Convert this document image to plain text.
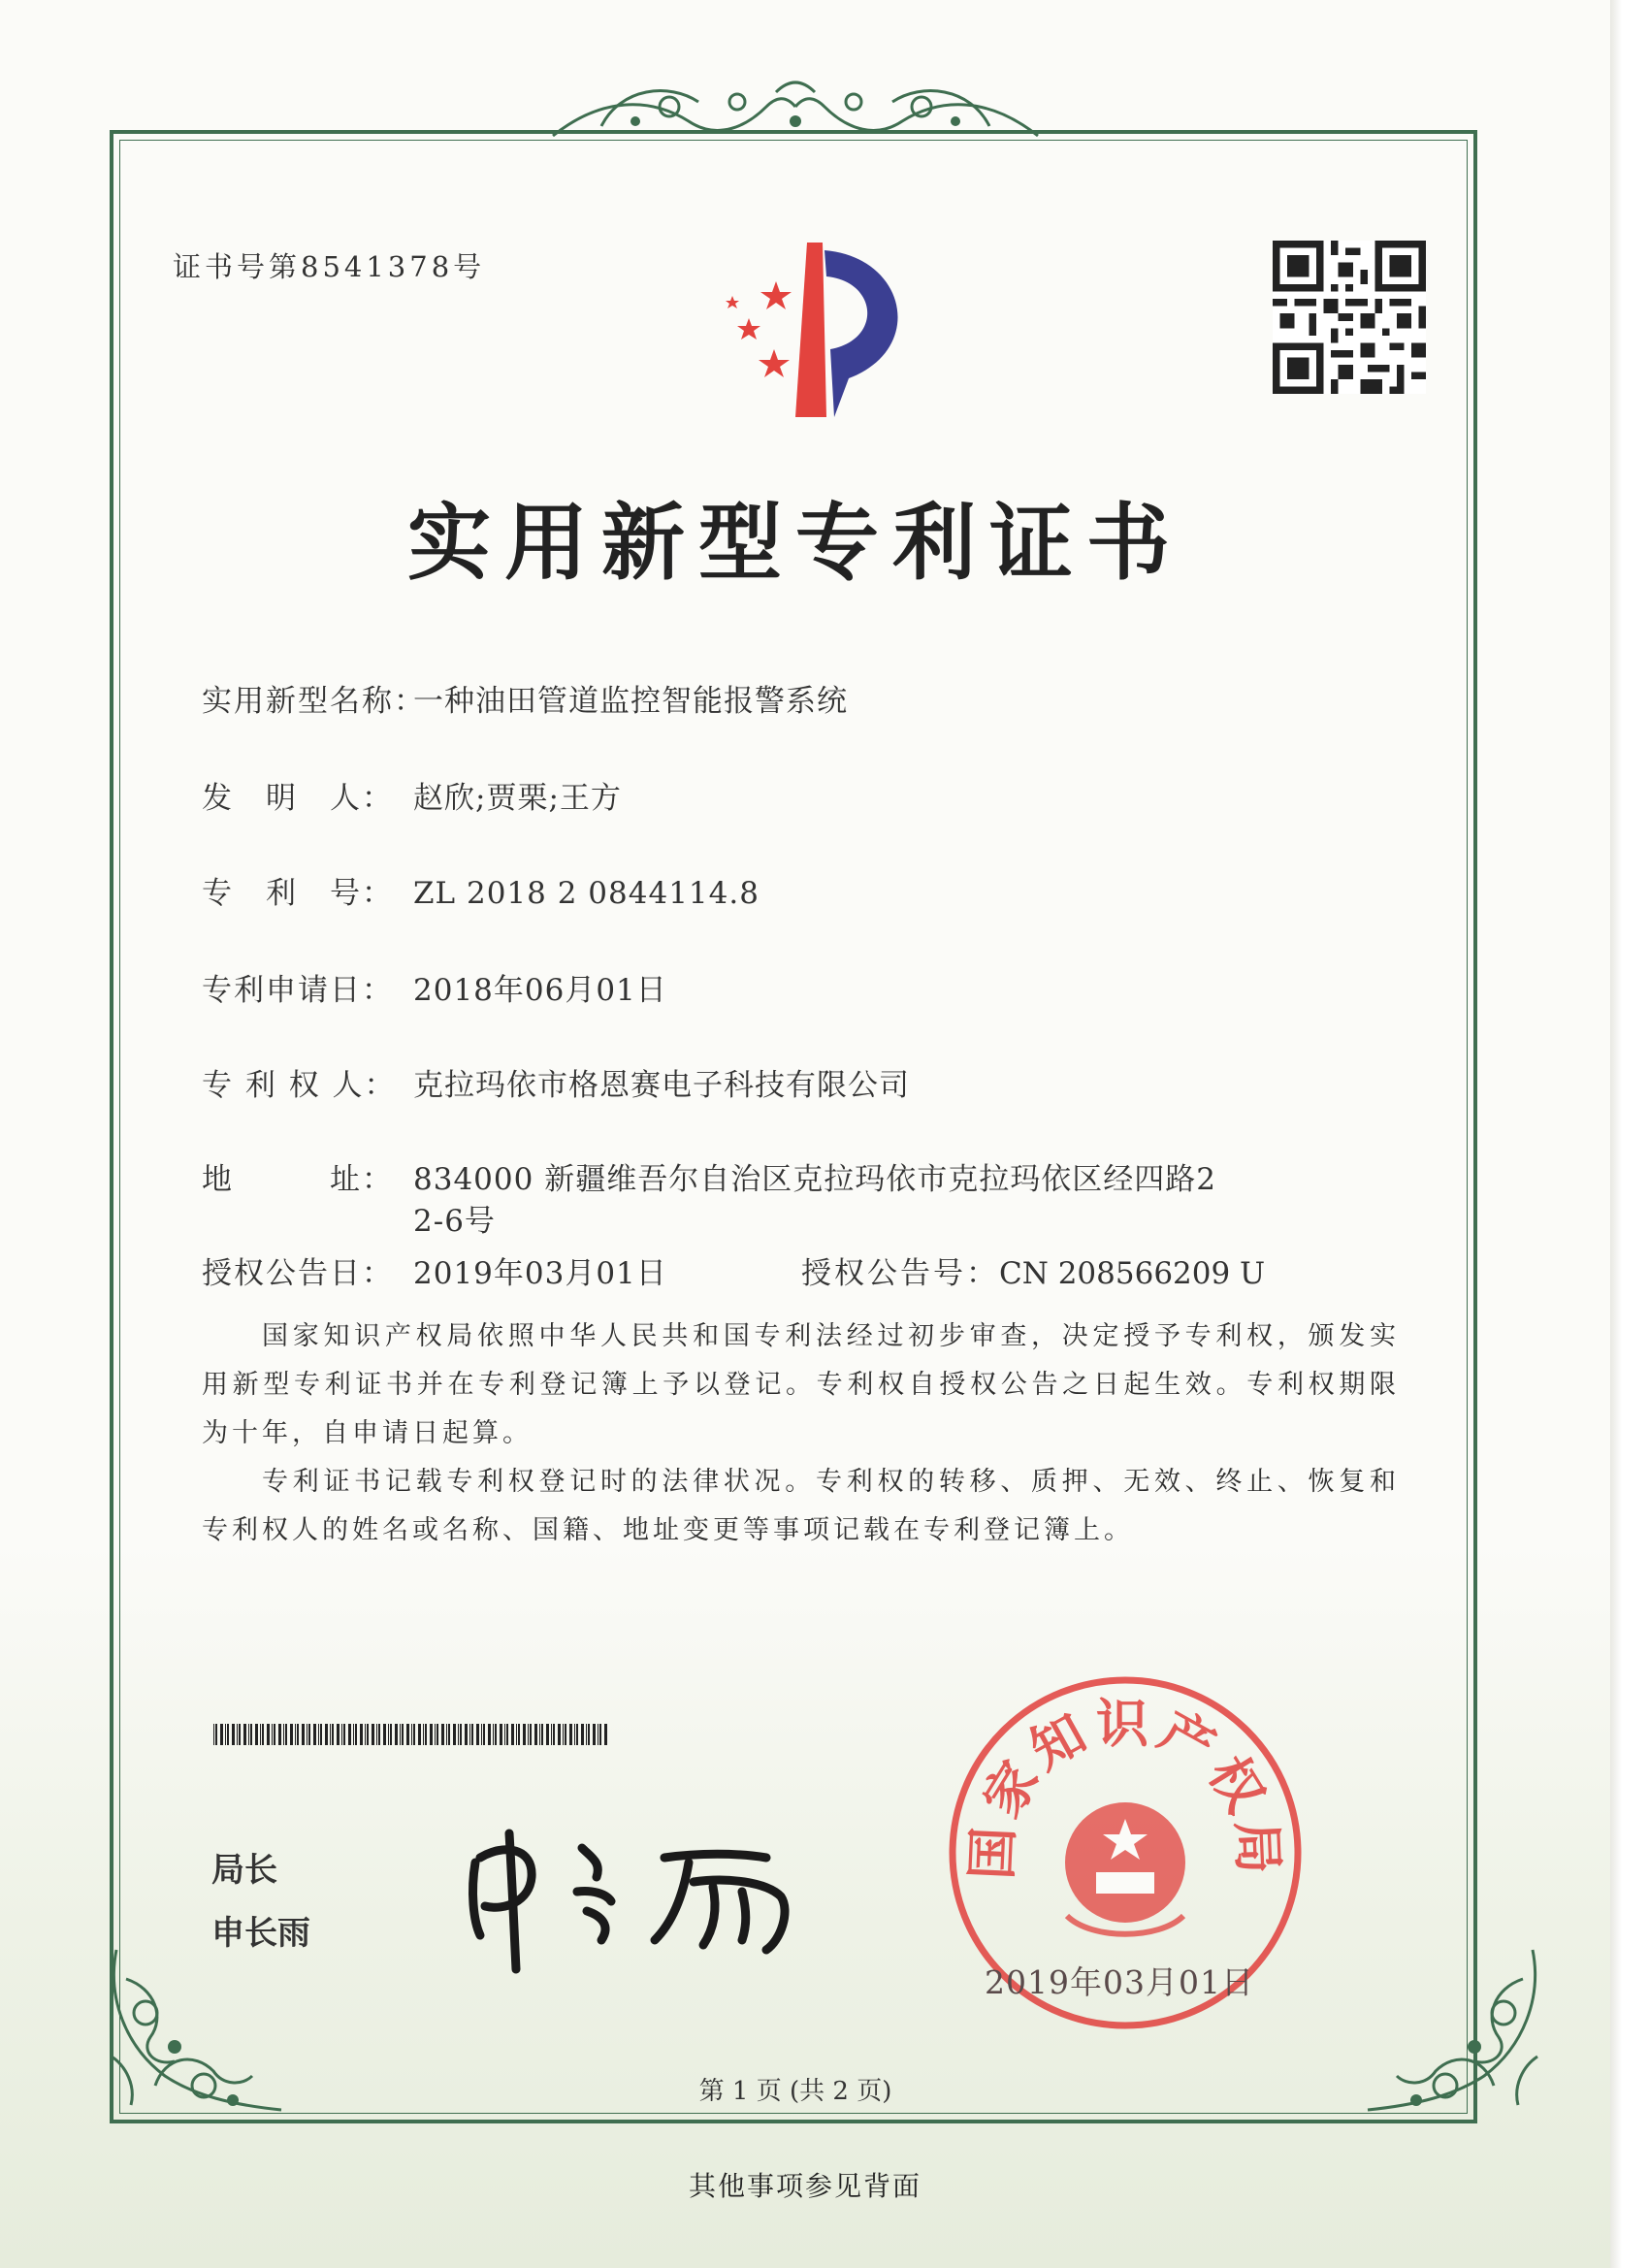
证书号第8541378号
实用新型专利证书
实用新型名称：一种油田管道监控智能报警系统
发　明　人： 赵欣;贾栗;王方
专　利　号： ZL 2018 2 0844114.8
专利申请日： 2018年06月01日
专 利 权 人： 克拉玛依市格恩赛电子科技有限公司
地　　　址： 834000 新疆维吾尔自治区克拉玛依市克拉玛依区经四路2
2-6号
授权公告日： 2019年03月01日	授权公告号：CN 208566209 U
国家知识产权局依照中华人民共和国专利法经过初步审查，决定授予专利权，颁发实用新型专利证书并在专利登记簿上予以登记。专利权自授权公告之日起生效。专利权期限为十年，自申请日起算。
专利证书记载专利权登记时的法律状况。专利权的转移、质押、无效、终止、恢复和专利权人的姓名或名称、国籍、地址变更等事项记载在专利登记簿上。
局长
申长雨
国家知识产权局
2019年03月01日
第 1 页 (共 2 页)
其他事项参见背面
